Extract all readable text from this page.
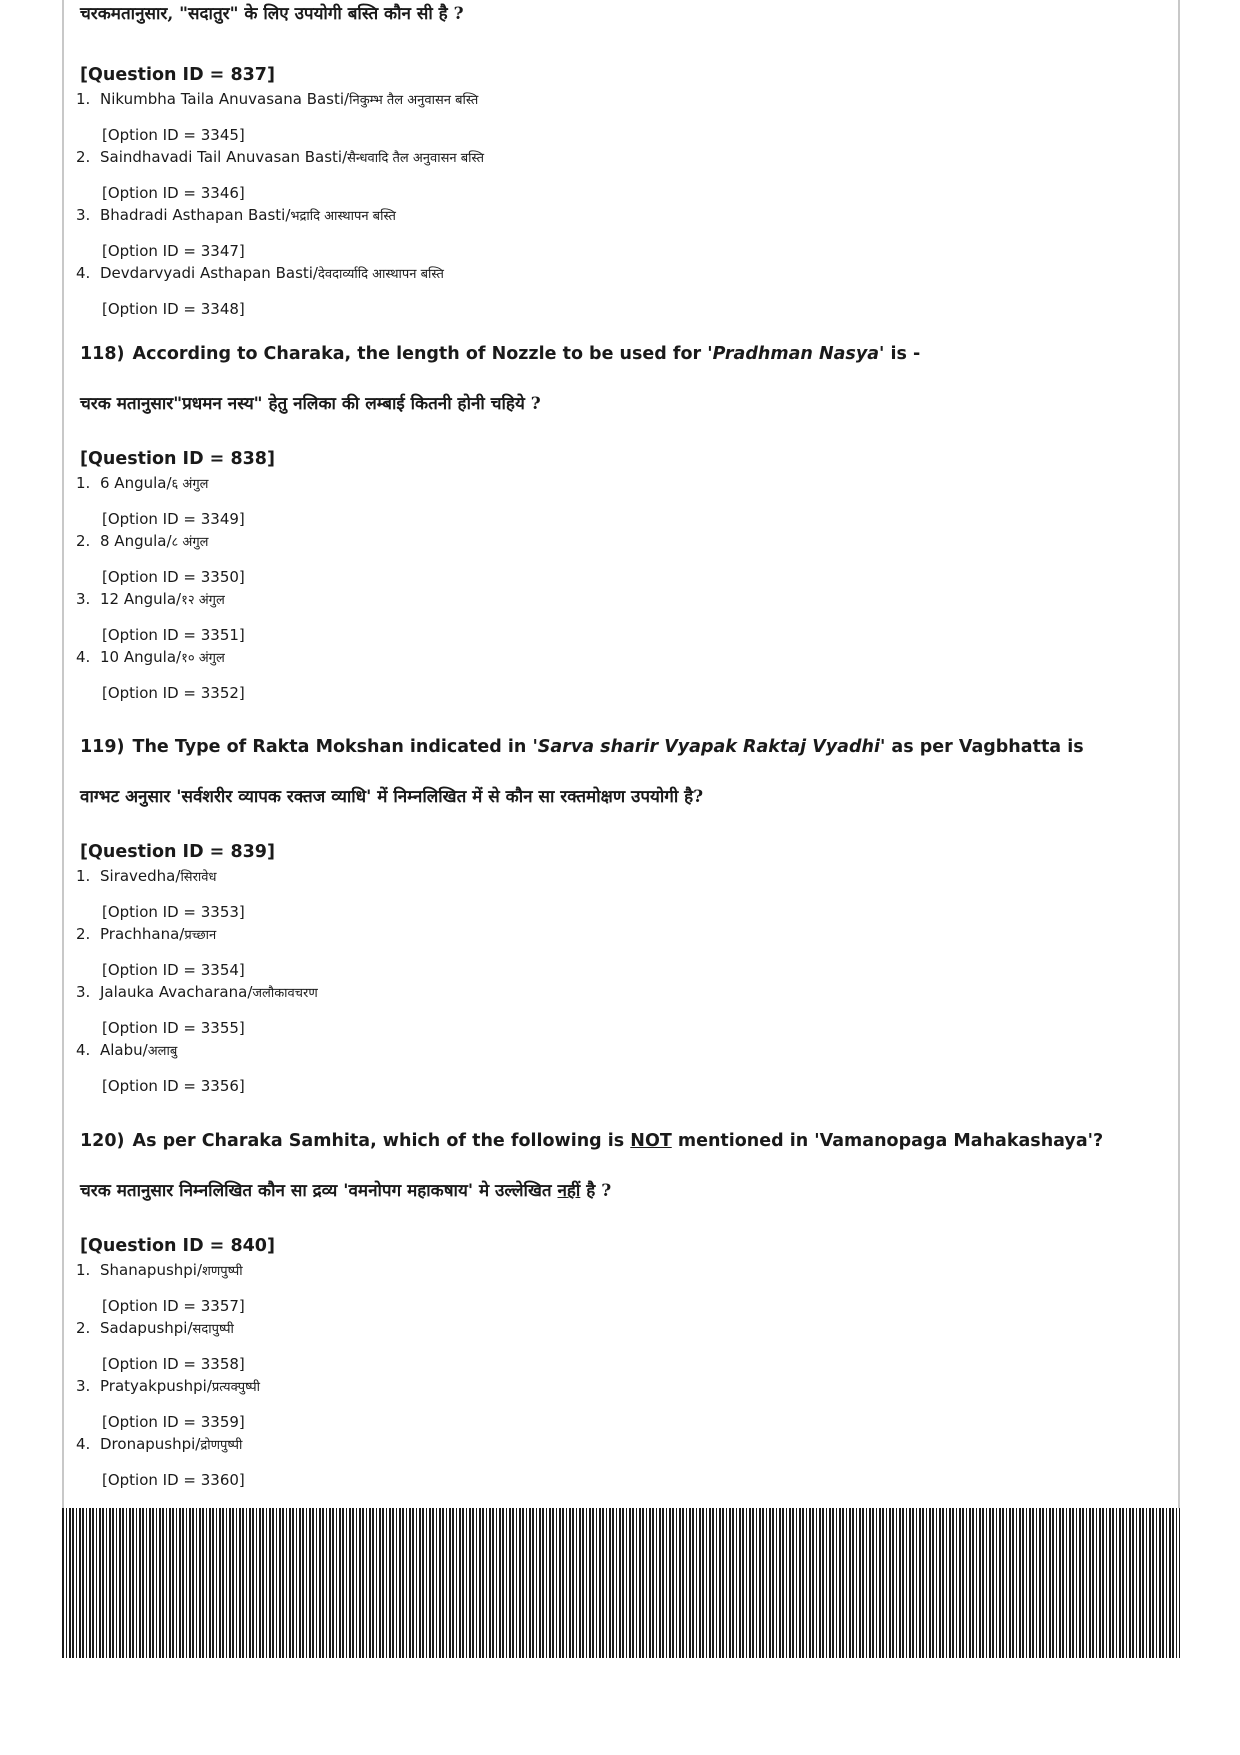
चरकमतानुसार, "सदातुर" के लिए उपयोगी बस्ति कौन सी है ?

[Question ID = 837]

1. Nikumbha Taila Anuvasana Basti/निकुम्भ तैल अनुवासन बस्ति

[Option ID = 3345]

2. Saindhavadi Tail Anuvasan Basti/सैन्धवादि तैल अनुवासन बस्ति

[Option ID = 3346]

3. Bhadradi Asthapan Basti/भद्रादि आस्थापन बस्ति

[Option ID = 3347]

4. Devdarvyadi Asthapan Basti/देवदार्व्यादि आस्थापन बस्ति

[Option ID = 3348]

118) According to Charaka, the length of Nozzle to be used for 'Pradhman Nasya' is -

चरक मतानुसार"प्रधमन नस्य" हेतु नलिका की लम्बाई कितनी होनी चहिये ?

[Question ID = 838]

1. 6 Angula/६ अंगुल

[Option ID = 3349]

2. 8 Angula/८ अंगुल

[Option ID = 3350]

3. 12 Angula/१२ अंगुल

[Option ID = 3351]

4. 10 Angula/१० अंगुल

[Option ID = 3352]

119) The Type of Rakta Mokshan indicated in 'Sarva sharir Vyapak Raktaj Vyadhi' as per Vagbhatta is

वाग्भट अनुसार 'सर्वशरीर व्यापक रक्तज व्याधि' में निम्नलिखित में से कौन सा रक्तमोक्षण उपयोगी है?

[Question ID = 839]

1. Siravedha/सिरावेध

[Option ID = 3353]

2. Prachhana/प्रच्छान

[Option ID = 3354]

3. Jalauka Avacharana/जलौकावचरण

[Option ID = 3355]

4. Alabu/अलाबु

[Option ID = 3356]

120) As per Charaka Samhita, which of the following is NOT mentioned in 'Vamanopaga Mahakashaya'?

चरक मतानुसार निम्नलिखित कौन सा द्रव्य 'वमनोपग महाकषाय' मे उल्लेखित नहीं है ?

[Question ID = 840]

1. Shanapushpi/शणपुष्पी

[Option ID = 3357]

2. Sadapushpi/सदापुष्पी

[Option ID = 3358]

3. Pratyakpushpi/प्रत्यक्पुष्पी

[Option ID = 3359]

4. Dronapushpi/द्रोणपुष्पी

[Option ID = 3360]
